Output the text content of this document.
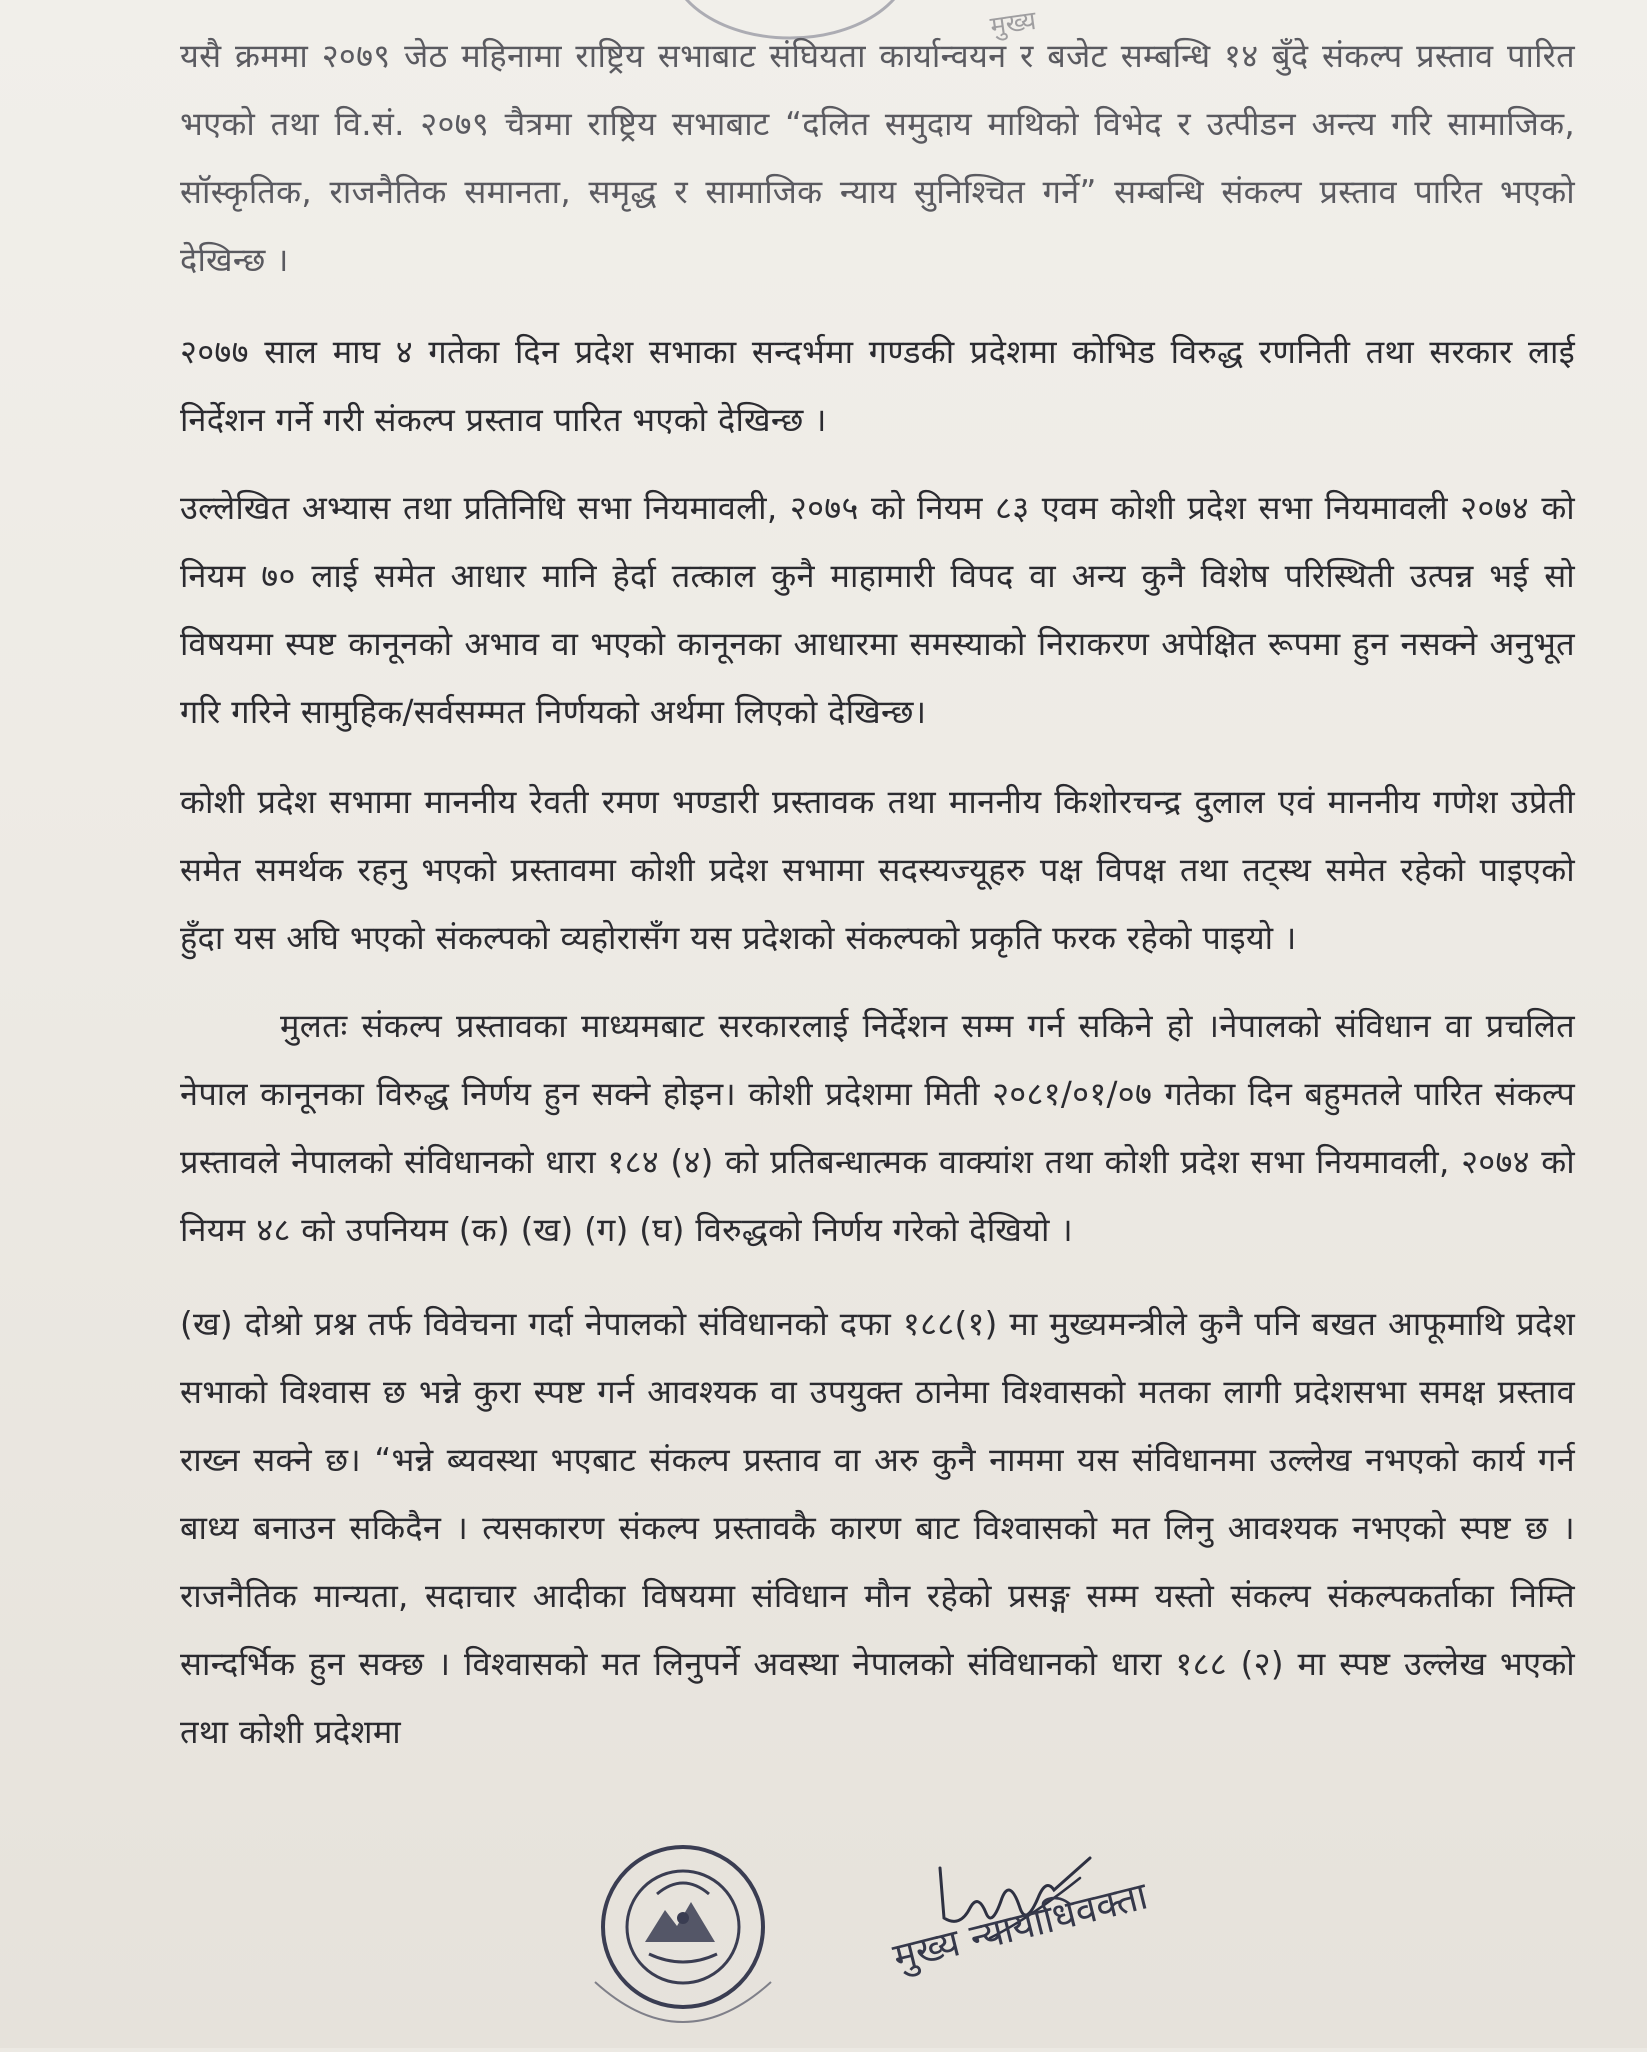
मुख्य

यसै क्रममा २०७९ जेठ महिनामा राष्ट्रिय सभाबाट संघियता कार्यान्वयन र बजेट सम्बन्धि १४ बुँदे संकल्प प्रस्ताव पारित भएको तथा वि.सं. २०७९ चैत्रमा राष्ट्रिय सभाबाट “दलित समुदाय माथिको विभेद र उत्पीडन अन्त्य गरि सामाजिक, सॉस्कृतिक, राजनैतिक समानता, समृद्ध र सामाजिक न्याय सुनिश्चित गर्ने” सम्बन्धि संकल्प प्रस्ताव पारित भएको देखिन्छ ।

२०७७ साल माघ ४ गतेका दिन प्रदेश सभाका सन्दर्भमा गण्डकी प्रदेशमा कोभिड विरुद्ध रणनिती तथा सरकार लाई निर्देशन गर्ने गरी संकल्प प्रस्ताव पारित भएको देखिन्छ ।

उल्लेखित अभ्यास तथा प्रतिनिधि सभा नियमावली, २०७५ को नियम ८३ एवम कोशी प्रदेश सभा नियमावली २०७४ को नियम ७० लाई समेत आधार मानि हेर्दा तत्काल कुनै माहामारी विपद वा अन्य कुनै विशेष परिस्थिती उत्पन्न भई सो विषयमा स्पष्ट कानूनको अभाव वा भएको कानूनका आधारमा समस्याको निराकरण अपेक्षित रूपमा हुन नसक्ने अनुभूत गरि गरिने सामुहिक/सर्वसम्मत निर्णयको अर्थमा लिएको देखिन्छ।

कोशी प्रदेश सभामा माननीय रेवती रमण भण्डारी प्रस्तावक तथा माननीय किशोरचन्द्र दुलाल एवं माननीय गणेश उप्रेती समेत समर्थक रहनु भएको प्रस्तावमा कोशी प्रदेश सभामा सदस्यज्यूहरु पक्ष विपक्ष तथा तट्स्थ समेत रहेको पाइएको हुँदा यस अघि भएको संकल्पको व्यहोरासँग यस प्रदेशको संकल्पको प्रकृति फरक रहेको पाइयो ।

मुलतः संकल्प प्रस्तावका माध्यमबाट सरकारलाई निर्देशन सम्म गर्न सकिने हो ।नेपालको संविधान वा प्रचलित नेपाल कानूनका विरुद्ध निर्णय हुन सक्ने होइन। कोशी प्रदेशमा मिती २०८१/०१/०७ गतेका दिन बहुमतले पारित संकल्प प्रस्तावले नेपालको संविधानको धारा १८४ (४) को प्रतिबन्धात्मक वाक्यांश तथा कोशी प्रदेश सभा नियमावली, २०७४ को नियम ४८ को उपनियम (क) (ख) (ग) (घ) विरुद्धको निर्णय गरेको देखियो ।

(ख) दोश्रो प्रश्न तर्फ विवेचना गर्दा नेपालको संविधानको दफा १८८(१) मा मुख्यमन्त्रीले कुनै पनि बखत आफूमाथि प्रदेश सभाको विश्वास छ भन्ने कुरा स्पष्ट गर्न आवश्यक वा उपयुक्त ठानेमा विश्वासको मतका लागी प्रदेशसभा समक्ष प्रस्ताव राख्न सक्ने छ। “भन्ने ब्यवस्था भएबाट संकल्प प्रस्ताव वा अरु कुनै नाममा यस संविधानमा उल्लेख नभएको कार्य गर्न बाध्य बनाउन सकिदैन । त्यसकारण संकल्प प्रस्तावकै कारण बाट विश्वासको मत लिनु आवश्यक नभएको स्पष्ट छ । राजनैतिक मान्यता, सदाचार आदीका विषयमा संविधान मौन रहेको प्रसङ्ग सम्म यस्तो संकल्प संकल्पकर्ताका निम्ति सान्दर्भिक हुन सक्छ । विश्वासको मत लिनुपर्ने अवस्था नेपालको संविधानको धारा १८८ (२) मा स्पष्ट उल्लेख भएको तथा कोशी प्रदेशमा

मुख्य न्यायाधिवक्ता
